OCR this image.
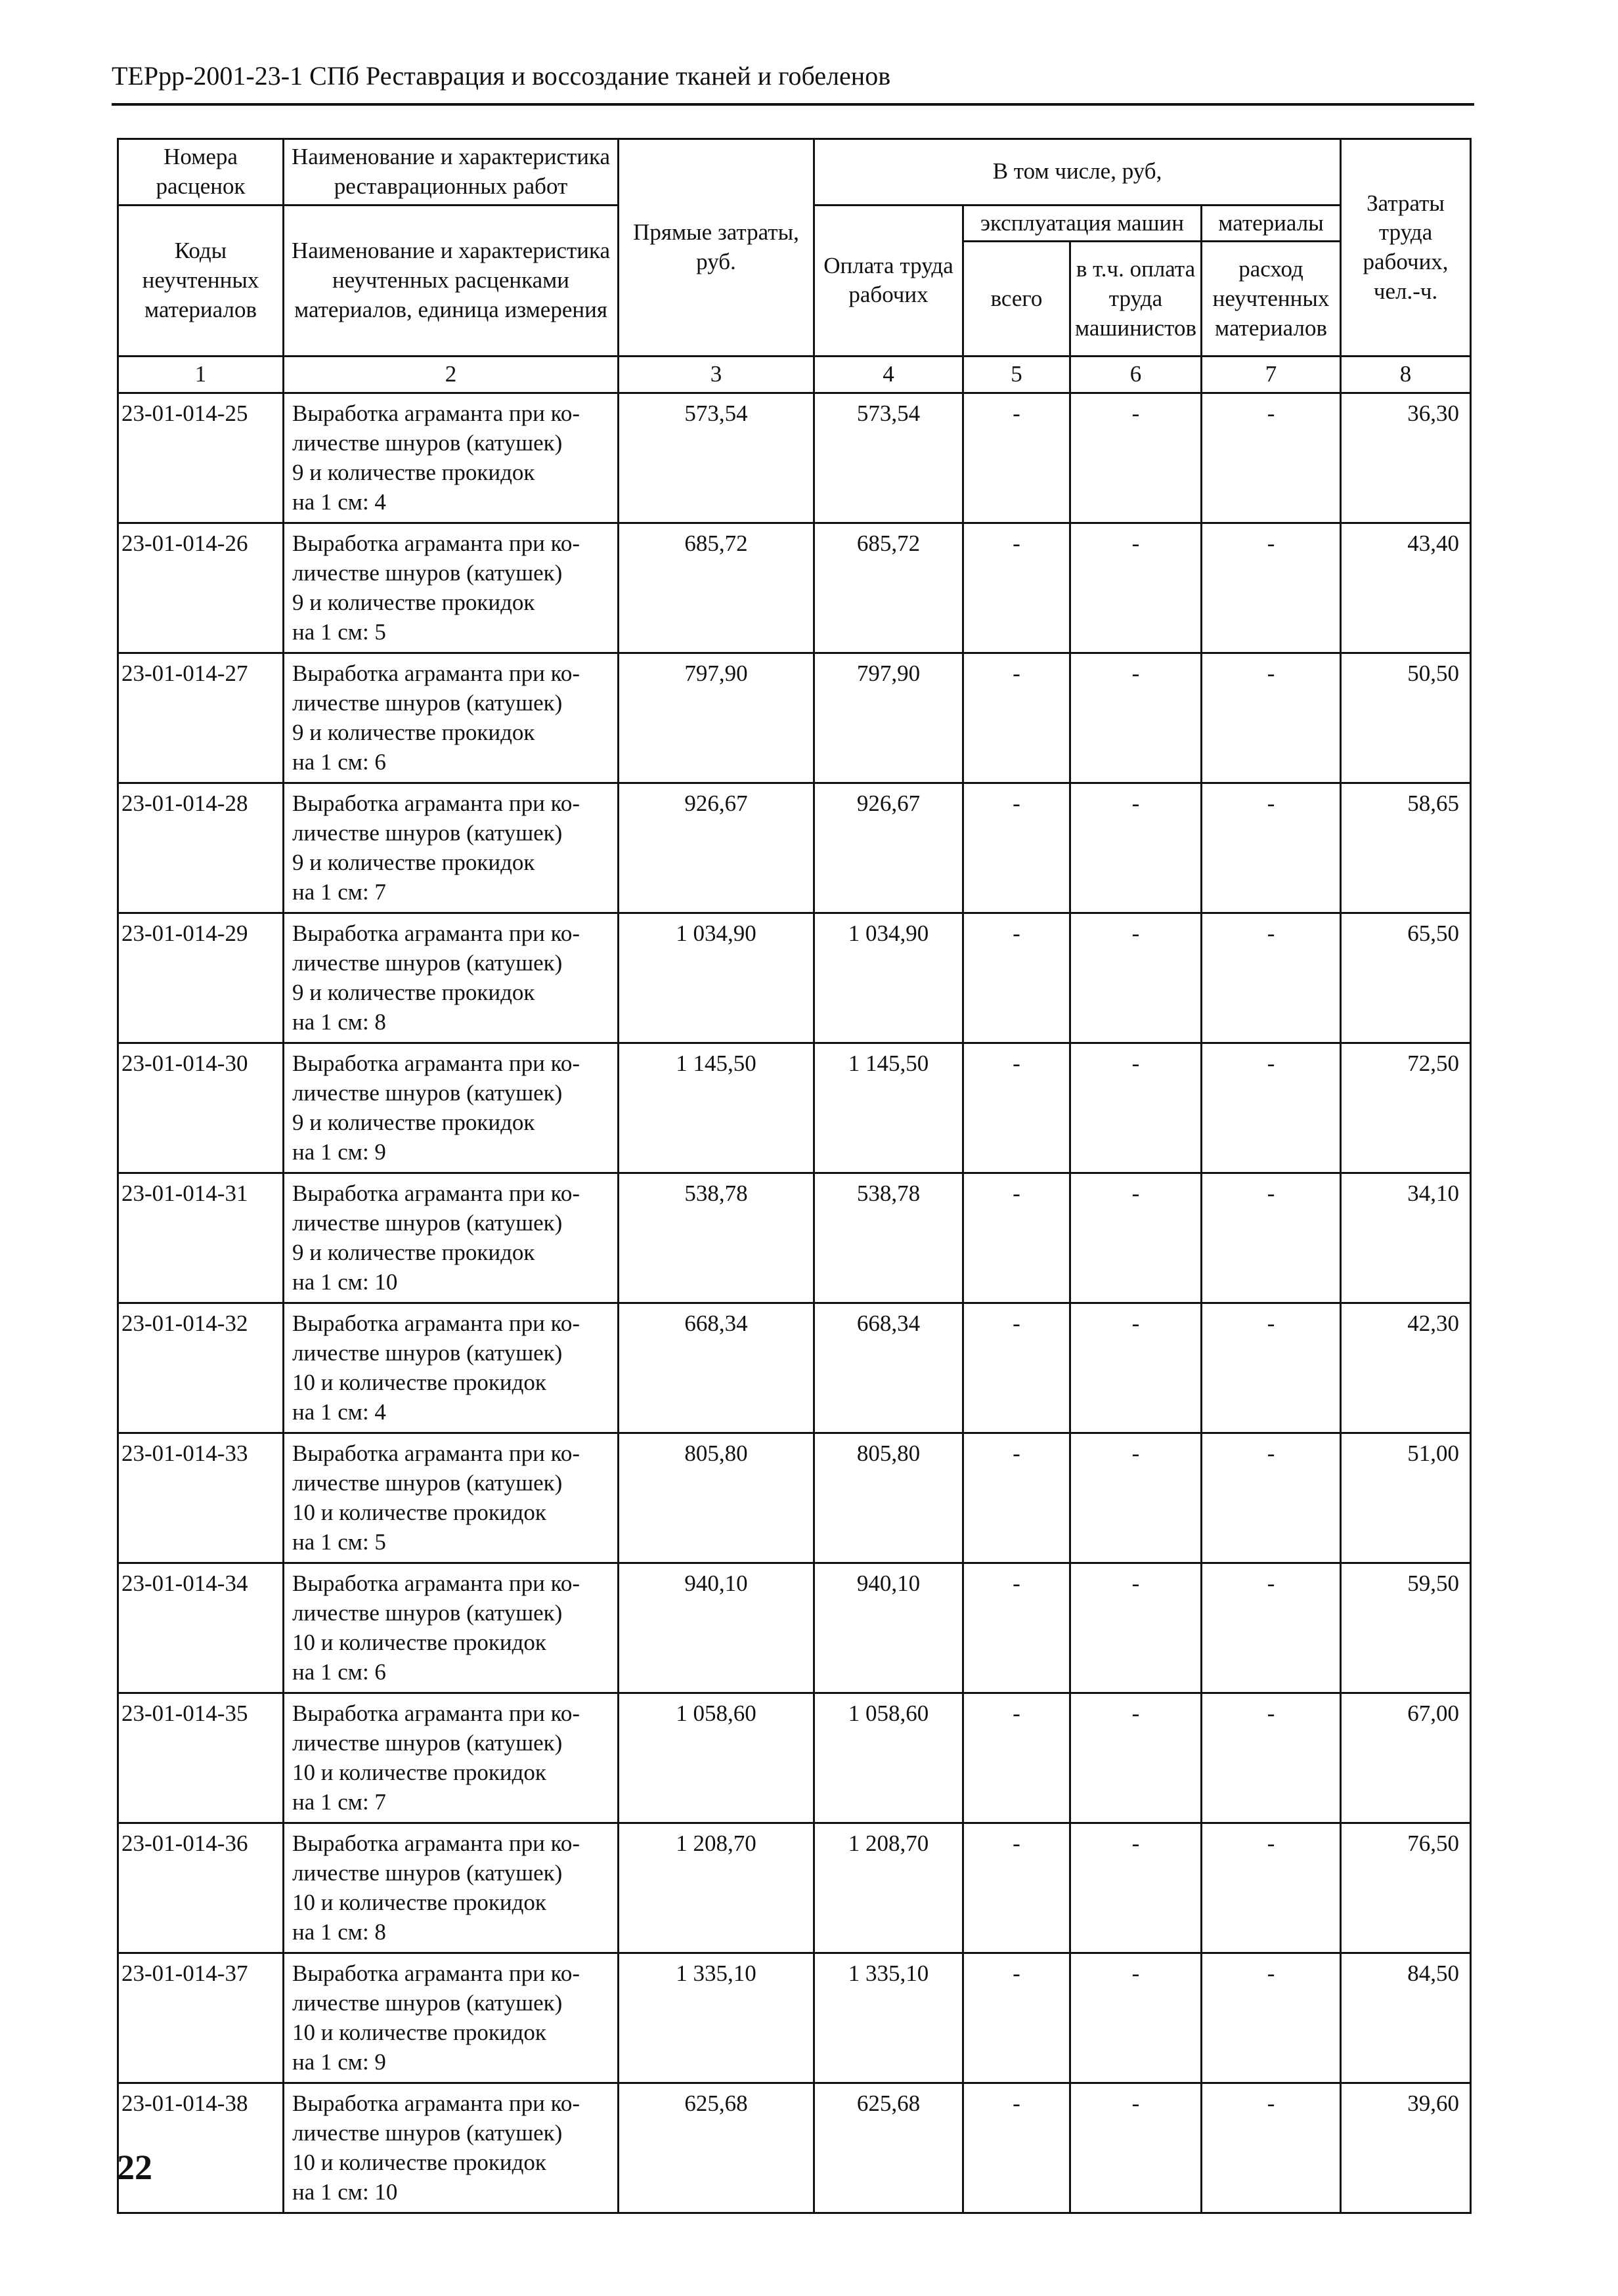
ТЕРрр-2001-23-1 СПб Реставрация и воссоздание тканей и гобеленов
Номера расценок	Наименование и характеристика реставрационных работ	Прямые затраты, руб.	В том числе, руб,				Затраты труда рабочих, чел.-ч.
Коды неучтенных материалов	Наименование и характеристика неучтенных расценками материалов, единица измерения		Оплата труда рабочих	эксплуатация машин		материалы	
				всего	в т.ч. оплата труда машинистов	расход неучтенных материалов	
1	2	3	4	5	6	7	8
23-01-014-25	Выработка аграманта при ко-
личестве шнуров (катушек)
9 и количестве прокидок
на 1 см: 4	573,54	573,54	-	-	-	36,30
23-01-014-26	Выработка аграманта при ко-
личестве шнуров (катушек)
9 и количестве прокидок
на 1 см: 5	685,72	685,72	-	-	-	43,40
23-01-014-27	Выработка аграманта при ко-
личестве шнуров (катушек)
9 и количестве прокидок
на 1 см: 6	797,90	797,90	-	-	-	50,50
23-01-014-28	Выработка аграманта при ко-
личестве шнуров (катушек)
9 и количестве прокидок
на 1 см: 7	926,67	926,67	-	-	-	58,65
23-01-014-29	Выработка аграманта при ко-
личестве шнуров (катушек)
9 и количестве прокидок
на 1 см: 8	1 034,90	1 034,90	-	-	-	65,50
23-01-014-30	Выработка аграманта при ко-
личестве шнуров (катушек)
9 и количестве прокидок
на 1 см: 9	1 145,50	1 145,50	-	-	-	72,50
23-01-014-31	Выработка аграманта при ко-
личестве шнуров (катушек)
9 и количестве прокидок
на 1 см: 10	538,78	538,78	-	-	-	34,10
23-01-014-32	Выработка аграманта при ко-
личестве шнуров (катушек)
10 и количестве прокидок
на 1 см: 4	668,34	668,34	-	-	-	42,30
23-01-014-33	Выработка аграманта при ко-
личестве шнуров (катушек)
10 и количестве прокидок
на 1 см: 5	805,80	805,80	-	-	-	51,00
23-01-014-34	Выработка аграманта при ко-
личестве шнуров (катушек)
10 и количестве прокидок
на 1 см: 6	940,10	940,10	-	-	-	59,50
23-01-014-35	Выработка аграманта при ко-
личестве шнуров (катушек)
10 и количестве прокидок
на 1 см: 7	1 058,60	1 058,60	-	-	-	67,00
23-01-014-36	Выработка аграманта при ко-
личестве шнуров (катушек)
10 и количестве прокидок
на 1 см: 8	1 208,70	1 208,70	-	-	-	76,50
23-01-014-37	Выработка аграманта при ко-
личестве шнуров (катушек)
10 и количестве прокидок
на 1 см: 9	1 335,10	1 335,10	-	-	-	84,50
23-01-014-38	Выработка аграманта при ко-
личестве шнуров (катушек)
10 и количестве прокидок
на 1 см: 10	625,68	625,68	-	-	-	39,60
22
